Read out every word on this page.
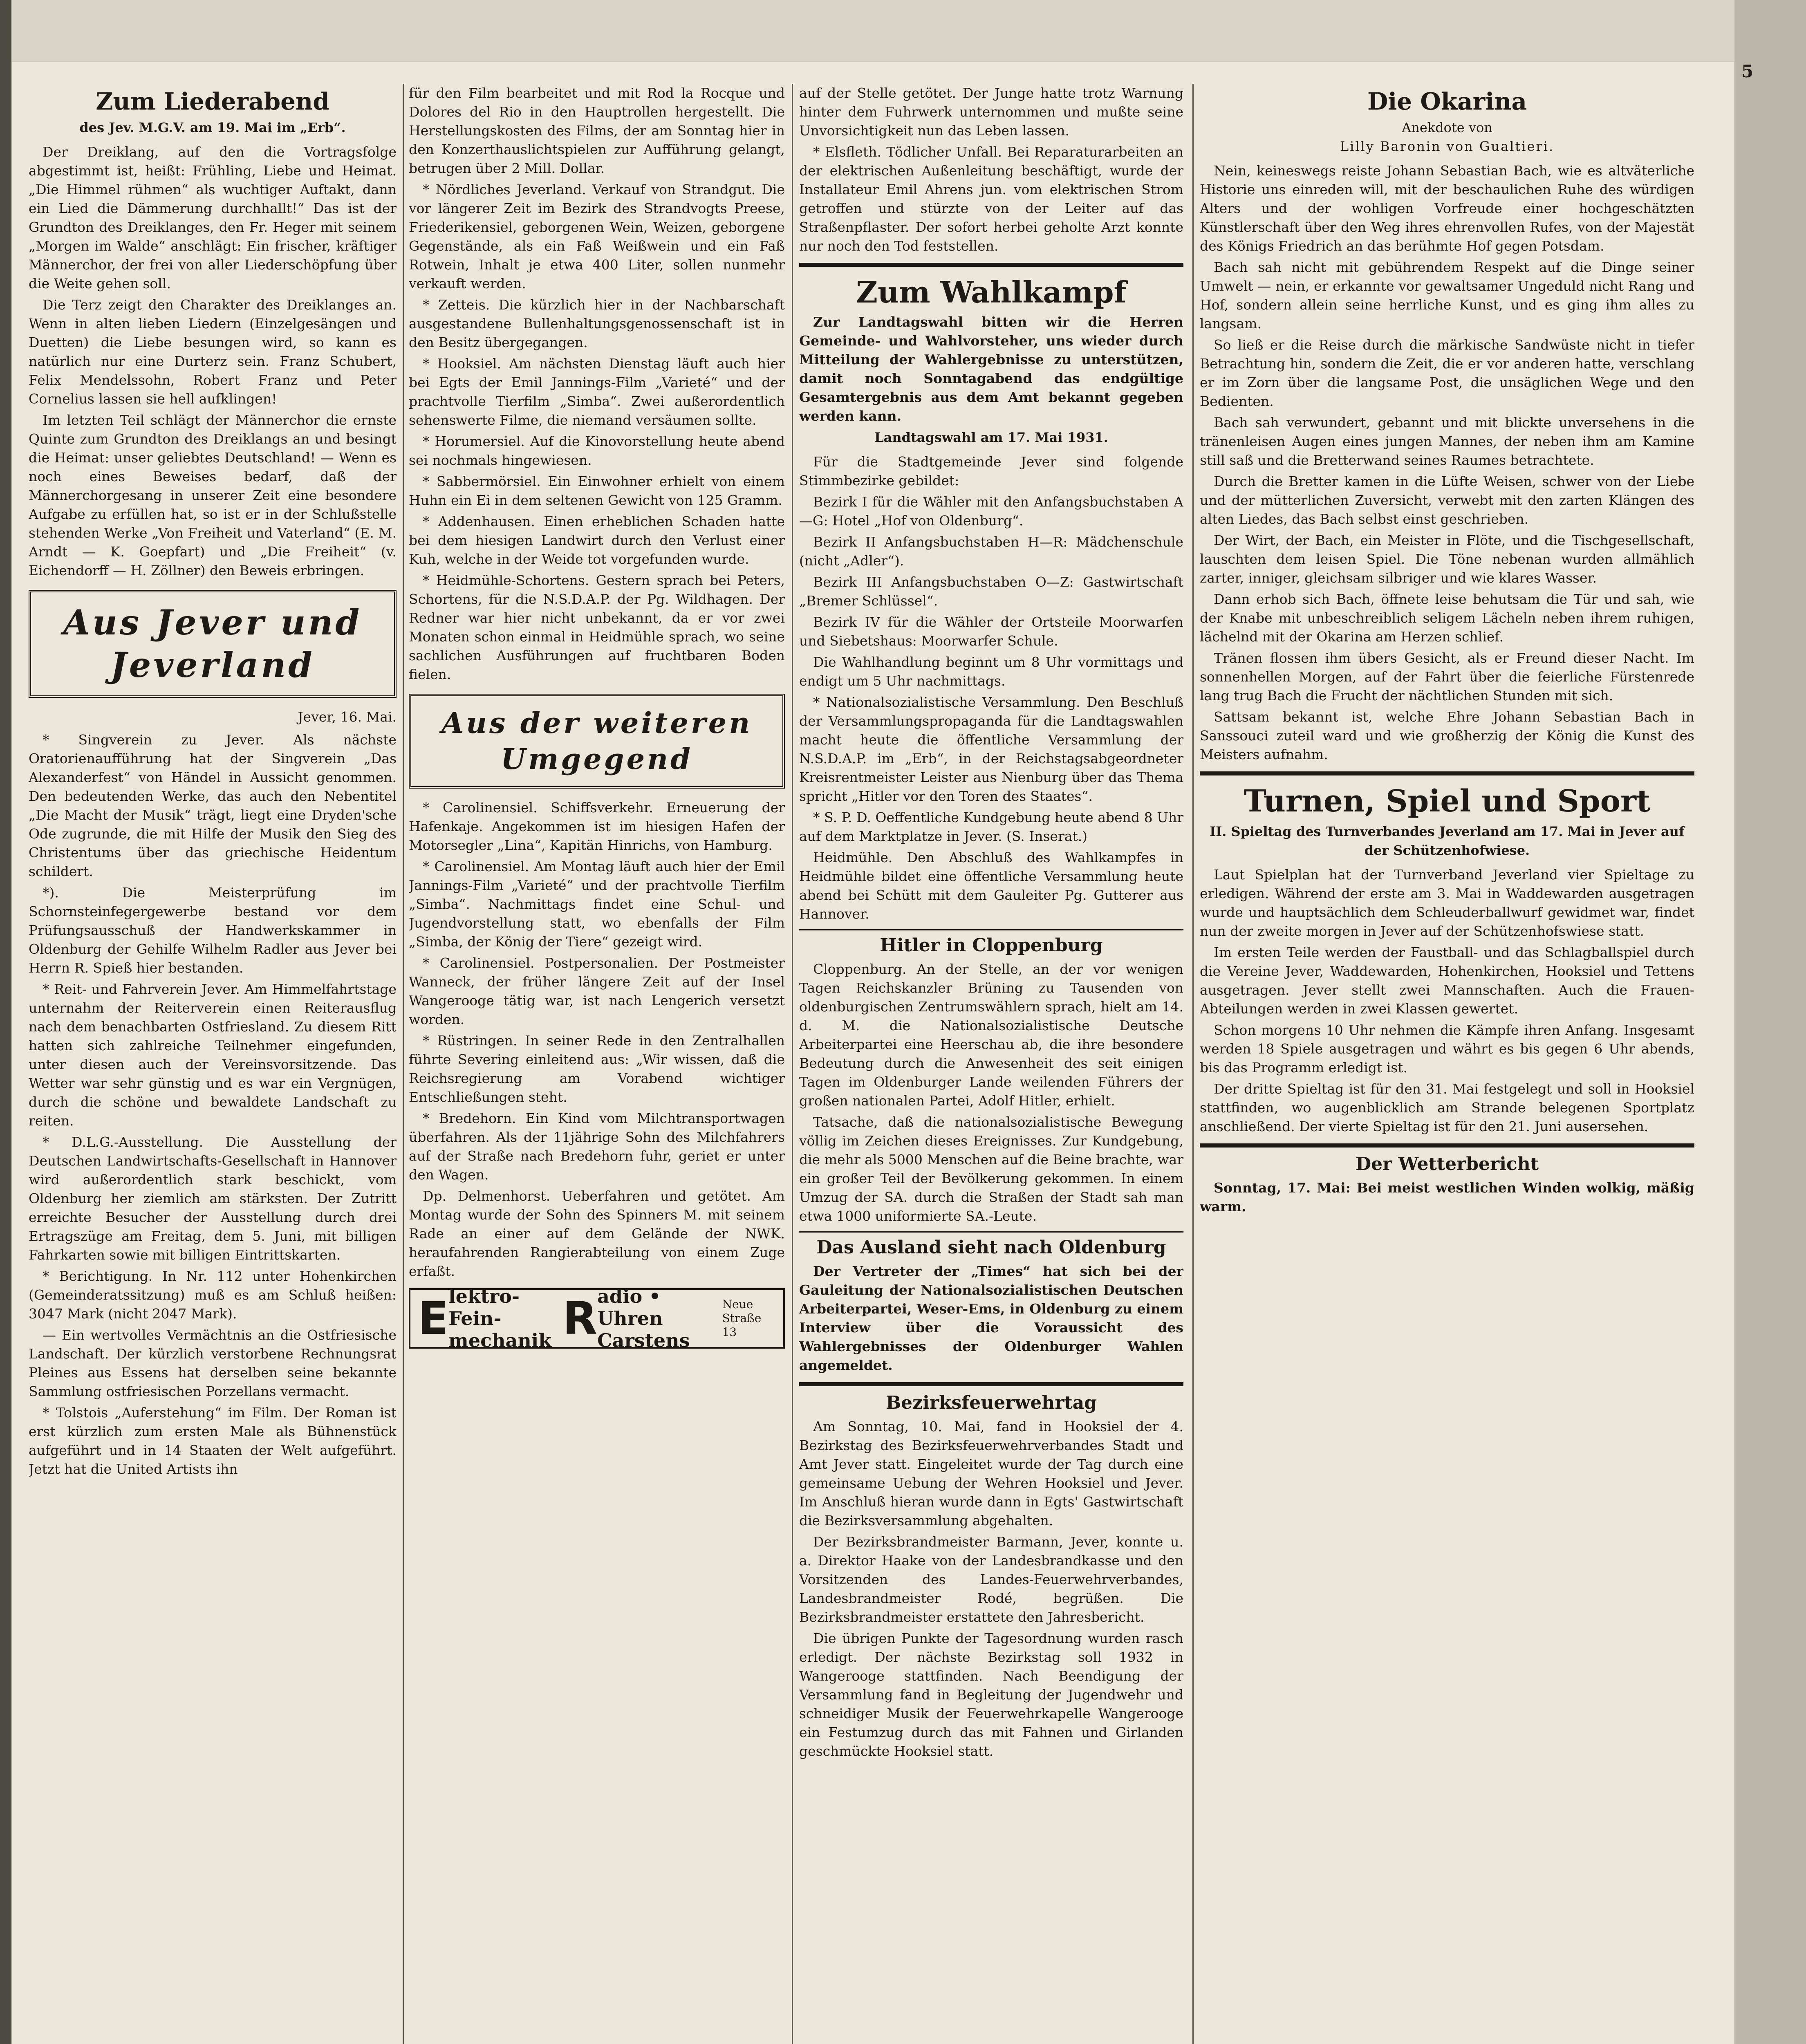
5
Zum Liederabend
des Jev. M.G.V. am 19. Mai im „Erb“.

Der Dreiklang, auf den die Vortragsfolge abgestimmt ist, heißt: Frühling, Liebe und Heimat. „Die Himmel rühmen“ als wuchtiger Auftakt, dann ein Lied die Dämmerung durchhallt!“ Das ist der Grundton des Dreiklanges, den Fr. Heger mit seinem „Morgen im Walde“ anschlägt: Ein frischer, kräftiger Männerchor, der frei von aller Liederschöpfung über die Weite gehen soll.

Die Terz zeigt den Charakter des Dreiklanges an. Wenn in alten lieben Liedern (Einzelgesängen und Duetten) die Liebe besungen wird, so kann es natürlich nur eine Durterz sein. Franz Schubert, Felix Mendelssohn, Robert Franz und Peter Cornelius lassen sie hell aufklingen!

Im letzten Teil schlägt der Männerchor die ernste Quinte zum Grundton des Dreiklangs an und besingt die Heimat: unser geliebtes Deutschland! — Wenn es noch eines Beweises bedarf, daß der Männerchorgesang in unserer Zeit eine besondere Aufgabe zu erfüllen hat, so ist er in der Schlußstelle stehenden Werke „Von Freiheit und Vaterland“ (E. M. Arndt — K. Goepfart) und „Die Freiheit“ (v. Eichendorff — H. Zöllner) den Beweis erbringen.

Aus Jever und Jeverland
Jever, 16. Mai.

* Singverein zu Jever. Als nächste Oratorienaufführung hat der Singverein „Das Alexanderfest“ von Händel in Aussicht genommen. Den bedeutenden Werke, das auch den Nebentitel „Die Macht der Musik“ trägt, liegt eine Dryden'sche Ode zugrunde, die mit Hilfe der Musik den Sieg des Christentums über das griechische Heidentum schildert.

*). Die Meisterprüfung im Schornsteinfegergewerbe bestand vor dem Prüfungsausschuß der Handwerkskammer in Oldenburg der Gehilfe Wilhelm Radler aus Jever bei Herrn R. Spieß hier bestanden.

* Reit- und Fahrverein Jever. Am Himmelfahrtstage unternahm der Reiterverein einen Reiterausflug nach dem benachbarten Ostfriesland. Zu diesem Ritt hatten sich zahlreiche Teilnehmer eingefunden, unter diesen auch der Vereinsvorsitzende. Das Wetter war sehr günstig und es war ein Vergnügen, durch die schöne und bewaldete Landschaft zu reiten.

* D.L.G.-Ausstellung. Die Ausstellung der Deutschen Landwirtschafts-Gesellschaft in Hannover wird außerordentlich stark beschickt, vom Oldenburg her ziemlich am stärksten. Der Zutritt erreichte Besucher der Ausstellung durch drei Ertragszüge am Freitag, dem 5. Juni, mit billigen Fahrkarten sowie mit billigen Eintrittskarten.

* Berichtigung. In Nr. 112 unter Hohenkirchen (Gemeinderatssitzung) muß es am Schluß heißen: 3047 Mark (nicht 2047 Mark).

— Ein wertvolles Vermächtnis an die Ostfriesische Landschaft. Der kürzlich verstorbene Rechnungsrat Pleines aus Essens hat derselben seine bekannte Sammlung ostfriesischen Porzellans vermacht.

* Tolstois „Auferstehung“ im Film. Der Roman ist erst kürzlich zum ersten Male als Bühnenstück aufgeführt und in 14 Staaten der Welt aufgeführt. Jetzt hat die United Artists ihn

für den Film bearbeitet und mit Rod la Rocque und Dolores del Rio in den Hauptrollen hergestellt. Die Herstellungskosten des Films, der am Sonntag hier in den Konzerthauslichtspielen zur Aufführung gelangt, betrugen über 2 Mill. Dollar.

* Nördliches Jeverland. Verkauf von Strandgut. Die vor längerer Zeit im Bezirk des Strandvogts Preese, Friederikensiel, geborgenen Wein, Weizen, geborgene Gegenstände, als ein Faß Weißwein und ein Faß Rotwein, Inhalt je etwa 400 Liter, sollen nunmehr verkauft werden.

* Zetteis. Die kürzlich hier in der Nachbarschaft ausgestandene Bullenhaltungsgenossenschaft ist in den Besitz übergegangen.

* Hooksiel. Am nächsten Dienstag läuft auch hier bei Egts der Emil Jannings-Film „Varieté“ und der prachtvolle Tierfilm „Simba“. Zwei außerordentlich sehenswerte Filme, die niemand versäumen sollte.

* Horumersiel. Auf die Kinovorstellung heute abend sei nochmals hingewiesen.

* Sabbermörsiel. Ein Einwohner erhielt von einem Huhn ein Ei in dem seltenen Gewicht von 125 Gramm.

* Addenhausen. Einen erheblichen Schaden hatte bei dem hiesigen Landwirt durch den Verlust einer Kuh, welche in der Weide tot vorgefunden wurde.

* Heidmühle-Schortens. Gestern sprach bei Peters, Schortens, für die N.S.D.A.P. der Pg. Wildhagen. Der Redner war hier nicht unbekannt, da er vor zwei Monaten schon einmal in Heidmühle sprach, wo seine sachlichen Ausführungen auf fruchtbaren Boden fielen.

Aus der weiteren Umgegend

* Carolinensiel. Schiffsverkehr. Erneuerung der Hafenkaje. Angekommen ist im hiesigen Hafen der Motorsegler „Lina“, Kapitän Hinrichs, von Hamburg.

* Carolinensiel. Am Montag läuft auch hier der Emil Jannings-Film „Varieté“ und der prachtvolle Tierfilm „Simba“. Nachmittags findet eine Schul- und Jugendvorstellung statt, wo ebenfalls der Film „Simba, der König der Tiere“ gezeigt wird.

* Carolinensiel. Postpersonalien. Der Postmeister Wanneck, der früher längere Zeit auf der Insel Wangerooge tätig war, ist nach Lengerich versetzt worden.

* Rüstringen. In seiner Rede in den Zentralhallen führte Severing einleitend aus: „Wir wissen, daß die Reichsregierung am Vorabend wichtiger Entschließungen steht.

* Bredehorn. Ein Kind vom Milchtransportwagen überfahren. Als der 11jährige Sohn des Milchfahrers auf der Straße nach Bredehorn fuhr, geriet er unter den Wagen.

Dp. Delmenhorst. Ueberfahren und getötet. Am Montag wurde der Sohn des Spinners M. mit seinem Rade an einer auf dem Gelände der NWK. heraufahrenden Rangierabteilung von einem Zuge erfaßt.

E lektro-Fein-
mechanik R adio • Uhren
Carstens
Neue
Straße 13

auf der Stelle getötet. Der Junge hatte trotz Warnung hinter dem Fuhrwerk unternommen und mußte seine Unvorsichtigkeit nun das Leben lassen.

* Elsfleth. Tödlicher Unfall. Bei Reparaturarbeiten an der elektrischen Außenleitung beschäftigt, wurde der Installateur Emil Ahrens jun. vom elektrischen Strom getroffen und stürzte von der Leiter auf das Straßenpflaster. Der sofort herbei geholte Arzt konnte nur noch den Tod feststellen.

Zum Wahlkampf

Zur Landtagswahl bitten wir die Herren Gemeinde- und Wahlvorsteher, uns wieder durch Mitteilung der Wahlergebnisse zu unterstützen, damit noch Sonntagabend das endgültige Gesamtergebnis aus dem Amt bekannt gegeben werden kann.

Landtagswahl am 17. Mai 1931.

Für die Stadtgemeinde Jever sind folgende Stimmbezirke gebildet:

Bezirk I für die Wähler mit den Anfangsbuchstaben A—G: Hotel „Hof von Oldenburg“.

Bezirk II Anfangsbuchstaben H—R: Mädchenschule (nicht „Adler“).

Bezirk III Anfangsbuchstaben O—Z: Gastwirtschaft „Bremer Schlüssel“.

Bezirk IV für die Wähler der Ortsteile Moorwarfen und Siebetshaus: Moorwarfer Schule.

Die Wahlhandlung beginnt um 8 Uhr vormittags und endigt um 5 Uhr nachmittags.

* Nationalsozialistische Versammlung. Den Beschluß der Versammlungspropaganda für die Landtagswahlen macht heute die öffentliche Versammlung der N.S.D.A.P. im „Erb“, in der Reichstagsabgeordneter Kreisrentmeister Leister aus Nienburg über das Thema spricht „Hitler vor den Toren des Staates“.

* S. P. D. Oeffentliche Kundgebung heute abend 8 Uhr auf dem Marktplatze in Jever. (S. Inserat.)

Heidmühle. Den Abschluß des Wahlkampfes in Heidmühle bildet eine öffentliche Versammlung heute abend bei Schütt mit dem Gauleiter Pg. Gutterer aus Hannover.

Hitler in Cloppenburg

Cloppenburg. An der Stelle, an der vor wenigen Tagen Reichskanzler Brüning zu Tausenden von oldenburgischen Zentrumswählern sprach, hielt am 14. d. M. die Nationalsozialistische Deutsche Arbeiterpartei eine Heerschau ab, die ihre besondere Bedeutung durch die Anwesenheit des seit einigen Tagen im Oldenburger Lande weilenden Führers der großen nationalen Partei, Adolf Hitler, erhielt.

Tatsache, daß die nationalsozialistische Bewegung völlig im Zeichen dieses Ereignisses. Zur Kundgebung, die mehr als 5000 Menschen auf die Beine brachte, war ein großer Teil der Bevölkerung gekommen. In einem Umzug der SA. durch die Straßen der Stadt sah man etwa 1000 uniformierte SA.-Leute.

Das Ausland sieht nach Oldenburg

Der Vertreter der „Times“ hat sich bei der Gauleitung der Nationalsozialistischen Deutschen Arbeiterpartei, Weser-Ems, in Oldenburg zu einem Interview über die Voraussicht des Wahlergebnisses der Oldenburger Wahlen angemeldet.

Bezirksfeuerwehrtag

Am Sonntag, 10. Mai, fand in Hooksiel der 4. Bezirkstag des Bezirksfeuerwehrverbandes Stadt und Amt Jever statt. Eingeleitet wurde der Tag durch eine gemeinsame Uebung der Wehren Hooksiel und Jever. Im Anschluß hieran wurde dann in Egts' Gastwirtschaft die Bezirksversammlung abgehalten.

Der Bezirksbrandmeister Barmann, Jever, konnte u. a. Direktor Haake von der Landesbrandkasse und den Vorsitzenden des Landes-Feuerwehrverbandes, Landesbrandmeister Rodé, begrüßen. Die Bezirksbrandmeister erstattete den Jahresbericht.

Die übrigen Punkte der Tagesordnung wurden rasch erledigt. Der nächste Bezirkstag soll 1932 in Wangerooge stattfinden. Nach Beendigung der Versammlung fand in Begleitung der Jugendwehr und schneidiger Musik der Feuerwehrkapelle Wangerooge ein Festumzug durch das mit Fahnen und Girlanden geschmückte Hooksiel statt.

Die Okarina
Anekdote von
Lilly Baronin von Gualtieri.

Nein, keineswegs reiste Johann Sebastian Bach, wie es altväterliche Historie uns einreden will, mit der beschaulichen Ruhe des würdigen Alters und der wohligen Vorfreude einer hochgeschätzten Künstlerschaft über den Weg ihres ehrenvollen Rufes, von der Majestät des Königs Friedrich an das berühmte Hof gegen Potsdam.

Bach sah nicht mit gebührendem Respekt auf die Dinge seiner Umwelt — nein, er erkannte vor gewaltsamer Ungeduld nicht Rang und Hof, sondern allein seine herrliche Kunst, und es ging ihm alles zu langsam.

So ließ er die Reise durch die märkische Sandwüste nicht in tiefer Betrachtung hin, sondern die Zeit, die er vor anderen hatte, verschlang er im Zorn über die langsame Post, die unsäglichen Wege und den Bedienten.

Bach sah verwundert, gebannt und mit blickte unversehens in die tränenleisen Augen eines jungen Mannes, der neben ihm am Kamine still saß und die Bretterwand seines Raumes betrachtete.

Durch die Bretter kamen in die Lüfte Weisen, schwer von der Liebe und der mütterlichen Zuversicht, verwebt mit den zarten Klängen des alten Liedes, das Bach selbst einst geschrieben.

Der Wirt, der Bach, ein Meister in Flöte, und die Tischgesellschaft, lauschten dem leisen Spiel. Die Töne nebenan wurden allmählich zarter, inniger, gleichsam silbriger und wie klares Wasser.

Dann erhob sich Bach, öffnete leise behutsam die Tür und sah, wie der Knabe mit unbeschreiblich seligem Lächeln neben ihrem ruhigen, lächelnd mit der Okarina am Herzen schlief.

Tränen flossen ihm übers Gesicht, als er Freund dieser Nacht. Im sonnenhellen Morgen, auf der Fahrt über die feierliche Fürstenrede lang trug Bach die Frucht der nächtlichen Stunden mit sich.

Sattsam bekannt ist, welche Ehre Johann Sebastian Bach in Sanssouci zuteil ward und wie großherzig der König die Kunst des Meisters aufnahm.

Turnen, Spiel und Sport
II. Spieltag des Turnverbandes Jeverland am 17. Mai in Jever auf der Schützenhofwiese.

Laut Spielplan hat der Turnverband Jeverland vier Spieltage zu erledigen. Während der erste am 3. Mai in Waddewarden ausgetragen wurde und hauptsächlich dem Schleuderballwurf gewidmet war, findet nun der zweite morgen in Jever auf der Schützenhofswiese statt.

Im ersten Teile werden der Faustball- und das Schlagballspiel durch die Vereine Jever, Waddewarden, Hohenkirchen, Hooksiel und Tettens ausgetragen. Jever stellt zwei Mannschaften. Auch die Frauen-Abteilungen werden in zwei Klassen gewertet.

Schon morgens 10 Uhr nehmen die Kämpfe ihren Anfang. Insgesamt werden 18 Spiele ausgetragen und währt es bis gegen 6 Uhr abends, bis das Programm erledigt ist.

Der dritte Spieltag ist für den 31. Mai festgelegt und soll in Hooksiel stattfinden, wo augenblicklich am Strande belegenen Sportplatz anschließend. Der vierte Spieltag ist für den 21. Juni ausersehen.

Der Wetterbericht

Sonntag, 17. Mai: Bei meist westlichen Winden wolkig, mäßig warm.
